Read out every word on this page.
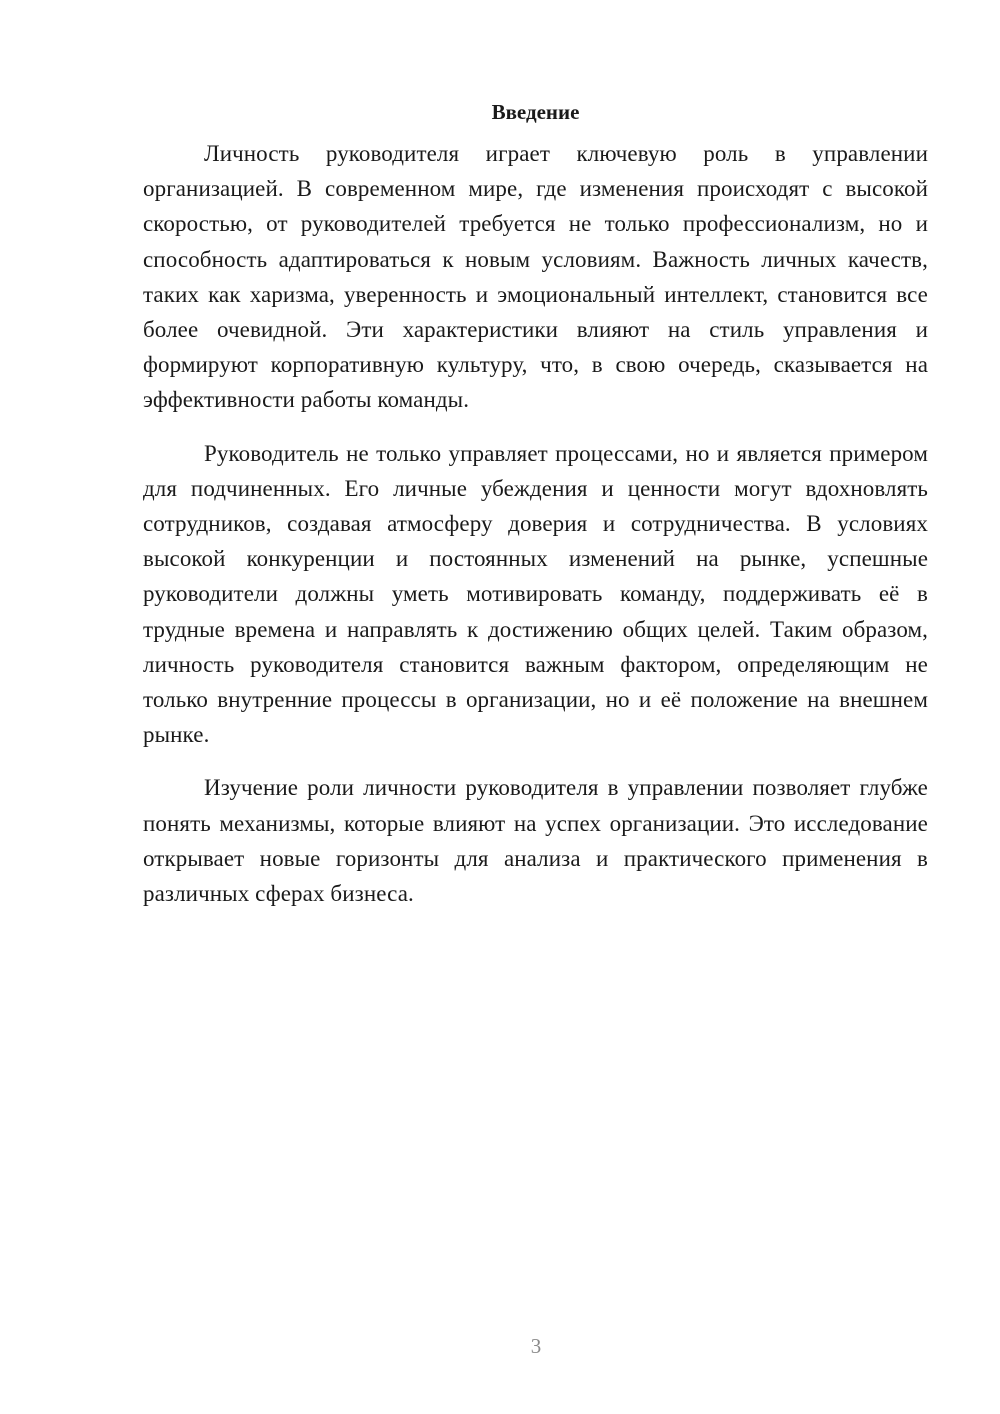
Введение

Личность руководителя играет ключевую роль в управлении организацией. В современном мире, где изменения происходят с высокой скоростью, от руководителей требуется не только профессионализм, но и способность адаптироваться к новым условиям. Важность личных качеств, таких как харизма, уверенность и эмоциональный интеллект, становится все более очевидной. Эти характеристики влияют на стиль управления и формируют корпоративную культуру, что, в свою очередь, сказывается на эффективности работы команды.

Руководитель не только управляет процессами, но и является примером для подчиненных. Его личные убеждения и ценности могут вдохновлять сотрудников, создавая атмосферу доверия и сотрудничества. В условиях высокой конкуренции и постоянных изменений на рынке, успешные руководители должны уметь мотивировать команду, поддерживать её в трудные времена и направлять к достижению общих целей. Таким образом, личность руководителя становится важным фактором, определяющим не только внутренние процессы в организации, но и её положение на внешнем рынке.

Изучение роли личности руководителя в управлении позволяет глубже понять механизмы, которые влияют на успех организации. Это исследование открывает новые горизонты для анализа и практического применения в различных сферах бизнеса.

3
